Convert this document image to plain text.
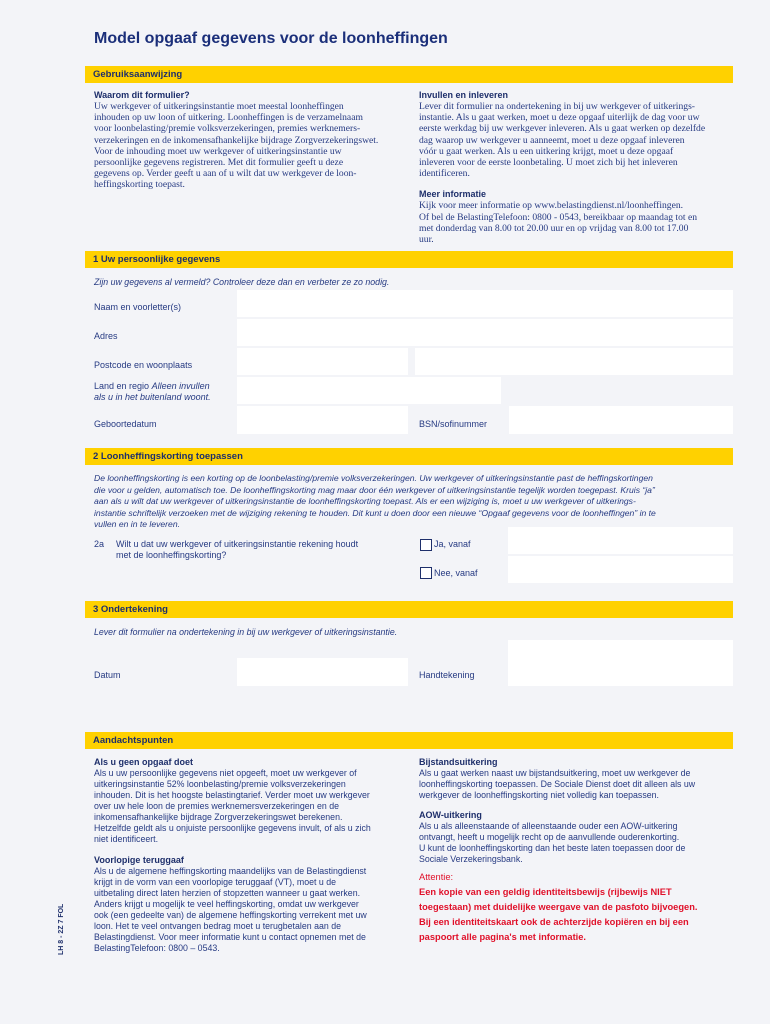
Model opgaaf gegevens voor de loonheffingen
Gebruiksaanwijzing
Waarom dit formulier?
Uw werkgever of uitkeringsinstantie moet meestal loonheffingen
inhouden op uw loon of uitkering. Loonheffingen is de verzamelnaam
voor loonbelasting/premie volksverzekeringen, premies werknemers-
verzekeringen en de inkomensafhankelijke bijdrage Zorgverzekeringswet.
Voor de inhouding moet uw werkgever of uitkeringsinstantie uw
persoonlijke gegevens registreren. Met dit formulier geeft u deze
gegevens op. Verder geeft u aan of u wilt dat uw werkgever de loon-
heffingskorting toepast.
Invullen en inleveren
Lever dit formulier na ondertekening in bij uw werkgever of uitkerings-
instantie. Als u gaat werken, moet u deze opgaaf uiterlijk de dag voor uw
eerste werkdag bij uw werkgever inleveren. Als u gaat werken op dezelfde
dag waarop uw werkgever u aanneemt, moet u deze opgaaf inleveren
vóór u gaat werken. Als u een uitkering krijgt, moet u deze opgaaf
inleveren voor de eerste loonbetaling. U moet zich bij het inleveren
identificeren.
Meer informatie
Kijk voor meer informatie op www.belastingdienst.nl/loonheffingen.
Of bel de BelastingTelefoon: 0800 - 0543, bereikbaar op maandag tot en
met donderdag van 8.00 tot 20.00 uur en op vrijdag van 8.00 tot 17.00
uur.
1 Uw persoonlijke gegevens
Zijn uw gegevens al vermeld? Controleer deze dan en verbeter ze zo nodig.
Naam en voorletter(s)
Adres
Postcode en woonplaats
Land en regio Alleen invullen
als u in het buitenland woont.
Geboortedatum	BSN/sofinummer
2 Loonheffingskorting toepassen
De loonheffingskorting is een korting op de loonbelasting/premie volksverzekeringen. Uw werkgever of uitkeringsinstantie past de heffingskortingen
die voor u gelden, automatisch toe. De loonheffingskorting mag maar door één werkgever of uitkeringsinstantie tegelijk worden toegepast. Kruis “ja”
aan als u wilt dat uw werkgever of uitkeringsinstantie de loonheffingskorting toepast. Als er een wijziging is, moet u uw werkgever of uitkerings-
instantie schriftelijk verzoeken met de wijziging rekening te houden. Dit kunt u doen door een nieuwe “Opgaaf gegevens voor de loonheffingen” in te
vullen en in te leveren.
2a Wilt u dat uw werkgever of uitkeringsinstantie rekening houdt
met de loonheffingskorting?
Ja, vanaf
Nee, vanaf
3 Ondertekening
Lever dit formulier na ondertekening in bij uw werkgever of uitkeringsinstantie.
Datum	Handtekening
Aandachtspunten
Als u geen opgaaf doet
Als u uw persoonlijke gegevens niet opgeeft, moet uw werkgever of
uitkeringsinstantie 52% loonbelasting/premie volksverzekeringen
inhouden. Dit is het hoogste belastingtarief. Verder moet uw werkgever
over uw hele loon de premies werknemersverzekeringen en de
inkomensafhankelijke bijdrage Zorgverzekeringswet berekenen.
Hetzelfde geldt als u onjuiste persoonlijke gegevens invult, of als u zich
niet identificeert.
Voorlopige teruggaaf
Als u de algemene heffingskorting maandelijks van de Belastingdienst
krijgt in de vorm van een voorlopige teruggaaf (VT), moet u de
uitbetaling direct laten herzien of stopzetten wanneer u gaat werken.
Anders krijgt u mogelijk te veel heffingskorting, omdat uw werkgever
ook (een gedeelte van) de algemene heffingskorting verrekent met uw
loon. Het te veel ontvangen bedrag moet u terugbetalen aan de
Belastingdienst. Voor meer informatie kunt u contact opnemen met de
BelastingTelefoon: 0800 – 0543.
Bijstandsuitkering
Als u gaat werken naast uw bijstandsuitkering, moet uw werkgever de
loonheffingskorting toepassen. De Sociale Dienst doet dit alleen als uw
werkgever de loonheffingskorting niet volledig kan toepassen.
AOW-uitkering
Als u als alleenstaande of alleenstaande ouder een AOW-uitkering
ontvangt, heeft u mogelijk recht op de aanvullende ouderenkorting.
U kunt de loonheffingskorting dan het beste laten toepassen door de
Sociale Verzekeringsbank.
Attentie:
Een kopie van een geldig identiteitsbewijs (rijbewijs NIET
toegestaan) met duidelijke weergave van de pasfoto bijvoegen.
Bij een identiteitskaart ook de achterzijde kopiëren en bij een
paspoort alle pagina's met informatie.
LH 8 - 2Z 7 FOL
